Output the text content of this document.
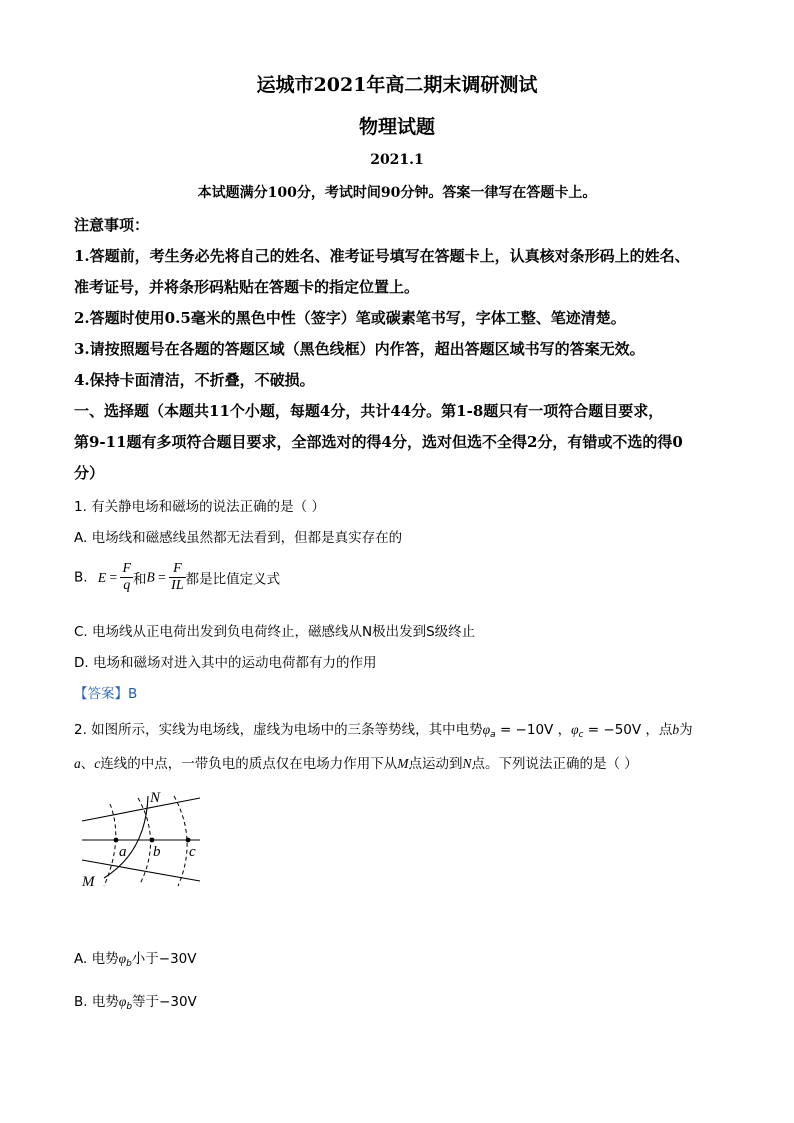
运城市2021年高二期末调研测试
物理试题
2021.1
本试题满分100分，考试时间90分钟。答案一律写在答题卡上。
注意事项：
1.答题前，考生务必先将自己的姓名、准考证号填写在答题卡上，认真核对条形码上的姓名、
准考证号，并将条形码粘贴在答题卡的指定位置上。
2.答题时使用0.5毫米的黑色中性（签字）笔或碳素笔书写，字体工整、笔迹清楚。
3.请按照题号在各题的答题区域（黑色线框）内作答，超出答题区域书写的答案无效。
4.保持卡面清洁，不折叠，不破损。
一、选择题（本题共11个小题，每题4分，共计44分。第1-8题只有一项符合题目要求，
第9-11题有多项符合题目要求，全部选对的得4分，选对但选不全得2分，有错或不选的得0
分）
1. 有关静电场和磁场的说法正确的是（ ）
A. 电场线和磁感线虽然都无法看到，但都是真实存在的
B. $E = \frac{F}{q}$ 和$B = \frac{F}{IL}$ 都是比值定义式
C. 电场线从正电荷出发到负电荷终止，磁感线从N极出发到S级终止
D. 电场和磁场对进入其中的运动电荷都有力的作用
【答案】B
2. 如图所示，实线为电场线，虚线为电场中的三条等势线，其中电势$\varphi_a = -10V$ ，$\varphi_c = -50V$ ，点b为
a、c连线的中点，一带负电的质点仅在电场力作用下从M点运动到N点。下列说法正确的是（ ）
N
M
a b c
A. 电势$\varphi_b$小于−30V
B. 电势$\varphi_b$等于−30V
